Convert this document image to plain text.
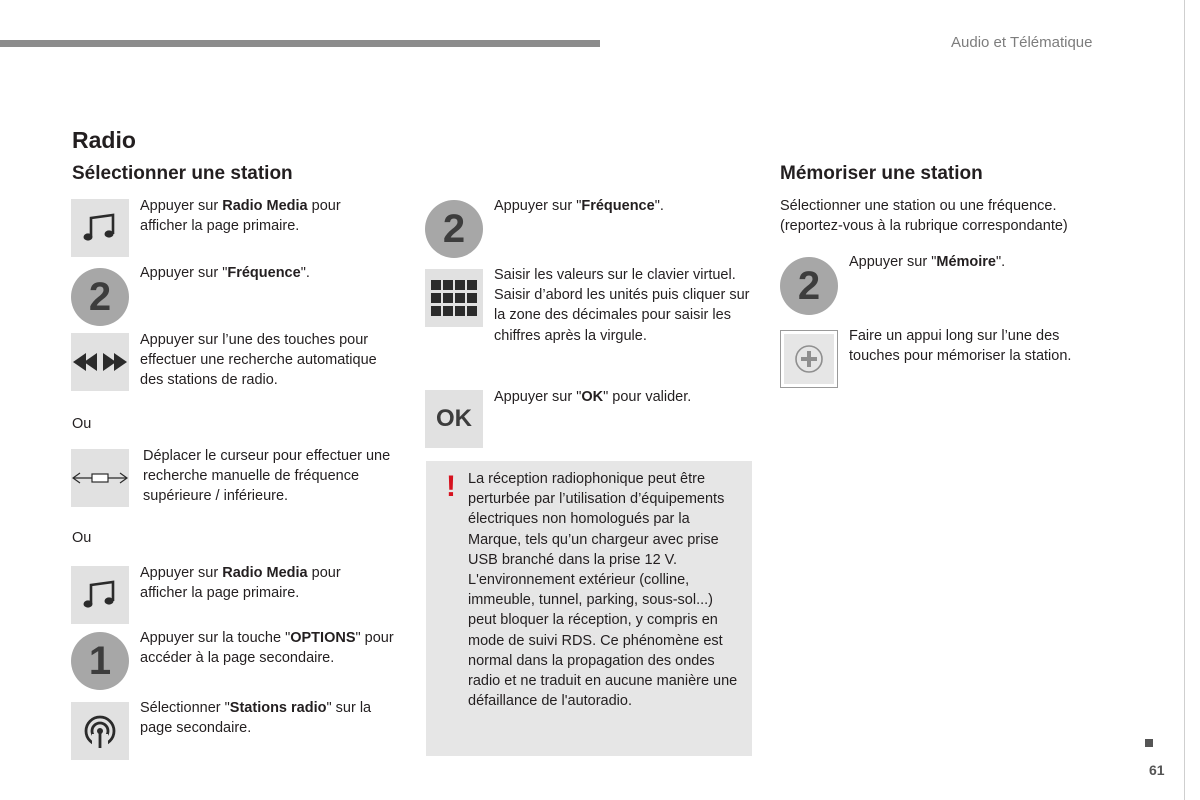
Audio et Télématique
Radio
Sélectionner une station
Appuyer sur Radio Media pour afficher la page primaire.
2
Appuyer sur "Fréquence".
Appuyer sur l’une des touches pour effectuer une recherche automatique des stations de radio.
Ou
Déplacer le curseur pour effectuer une recherche manuelle de fréquence supérieure / inférieure.
Ou
Appuyer sur Radio Media pour afficher la page primaire.
1
Appuyer sur la touche "OPTIONS" pour accéder à la page secondaire.
Sélectionner "Stations radio" sur la page secondaire.
2
Appuyer sur "Fréquence".
Saisir les valeurs sur le clavier virtuel.
Saisir d’abord les unités puis cliquer sur la zone des décimales pour saisir les chiffres après la virgule.
OK
Appuyer sur "OK" pour valider.
! La réception radiophonique peut être perturbée par l’utilisation d’équipements électriques non homologués par la Marque, tels qu’un chargeur avec prise USB branché dans la prise 12 V.
L'environnement extérieur (colline, immeuble, tunnel, parking, sous-sol...) peut bloquer la réception, y compris en mode de suivi RDS. Ce phénomène est normal dans la propagation des ondes radio et ne traduit en aucune manière une défaillance de l'autoradio.
Mémoriser une station
Sélectionner une station ou une fréquence. (reportez-vous à la rubrique correspondante)
2
Appuyer sur "Mémoire".
Faire un appui long sur l’une des touches pour mémoriser la station.
61
